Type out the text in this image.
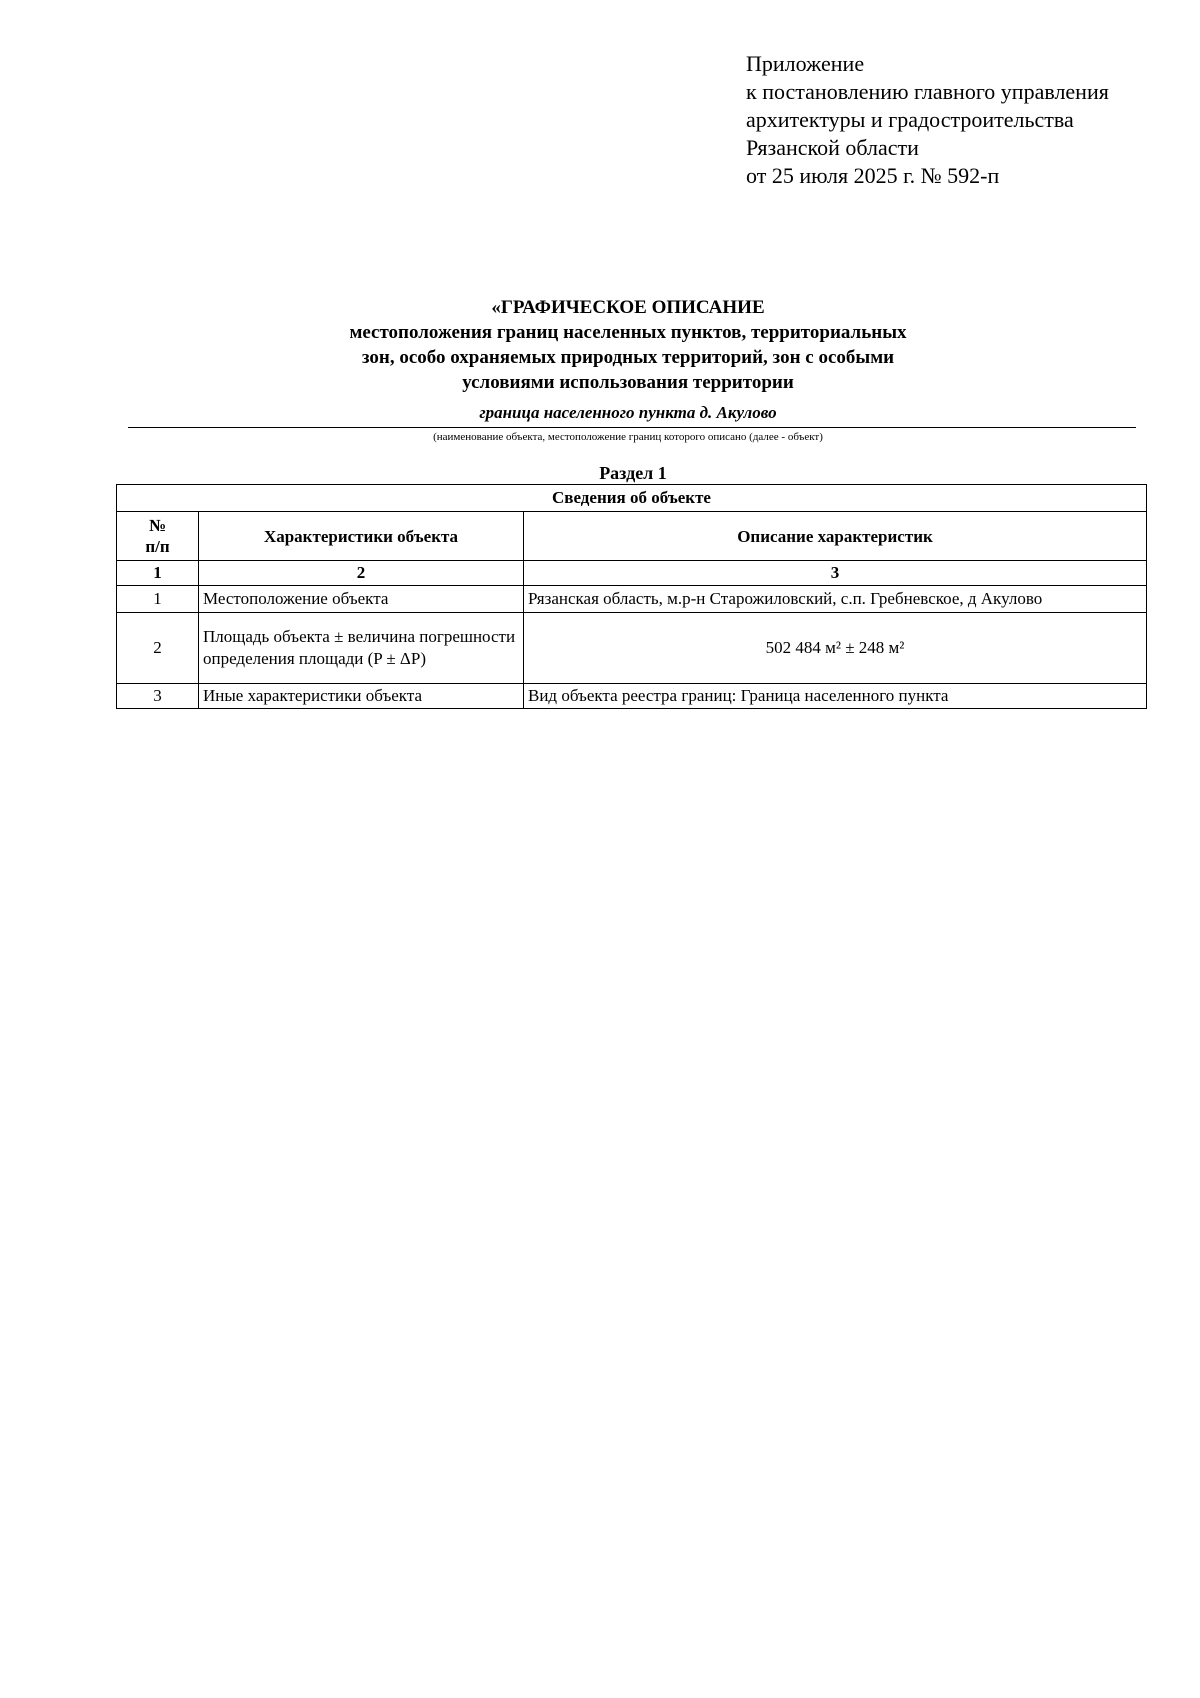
Приложение
к постановлению главного управления
архитектуры и градостроительства
Рязанской области
от 25 июля 2025 г. № 592-п
«ГРАФИЧЕСКОЕ ОПИСАНИЕ
местоположения границ населенных пунктов, территориальных
зон, особо охраняемых природных территорий, зон с особыми
условиями использования территории
граница населенного пункта д. Акулово
(наименование объекта, местоположение границ которого описано (далее - объект)
Раздел 1
Сведения об объекте		

№
п/п	Характеристики объекта	Описание характеристик
1	2	3
1	Местоположение объекта	Рязанская область, м.р-н Старожиловский, с.п. Гребневское, д Акулово
2	Площадь объекта ± величина погрешности определения площади (P ± ΔP)	502 484 м² ± 248 м²
3	Иные характеристики объекта	Вид объекта реестра границ: Граница населенного пункта
